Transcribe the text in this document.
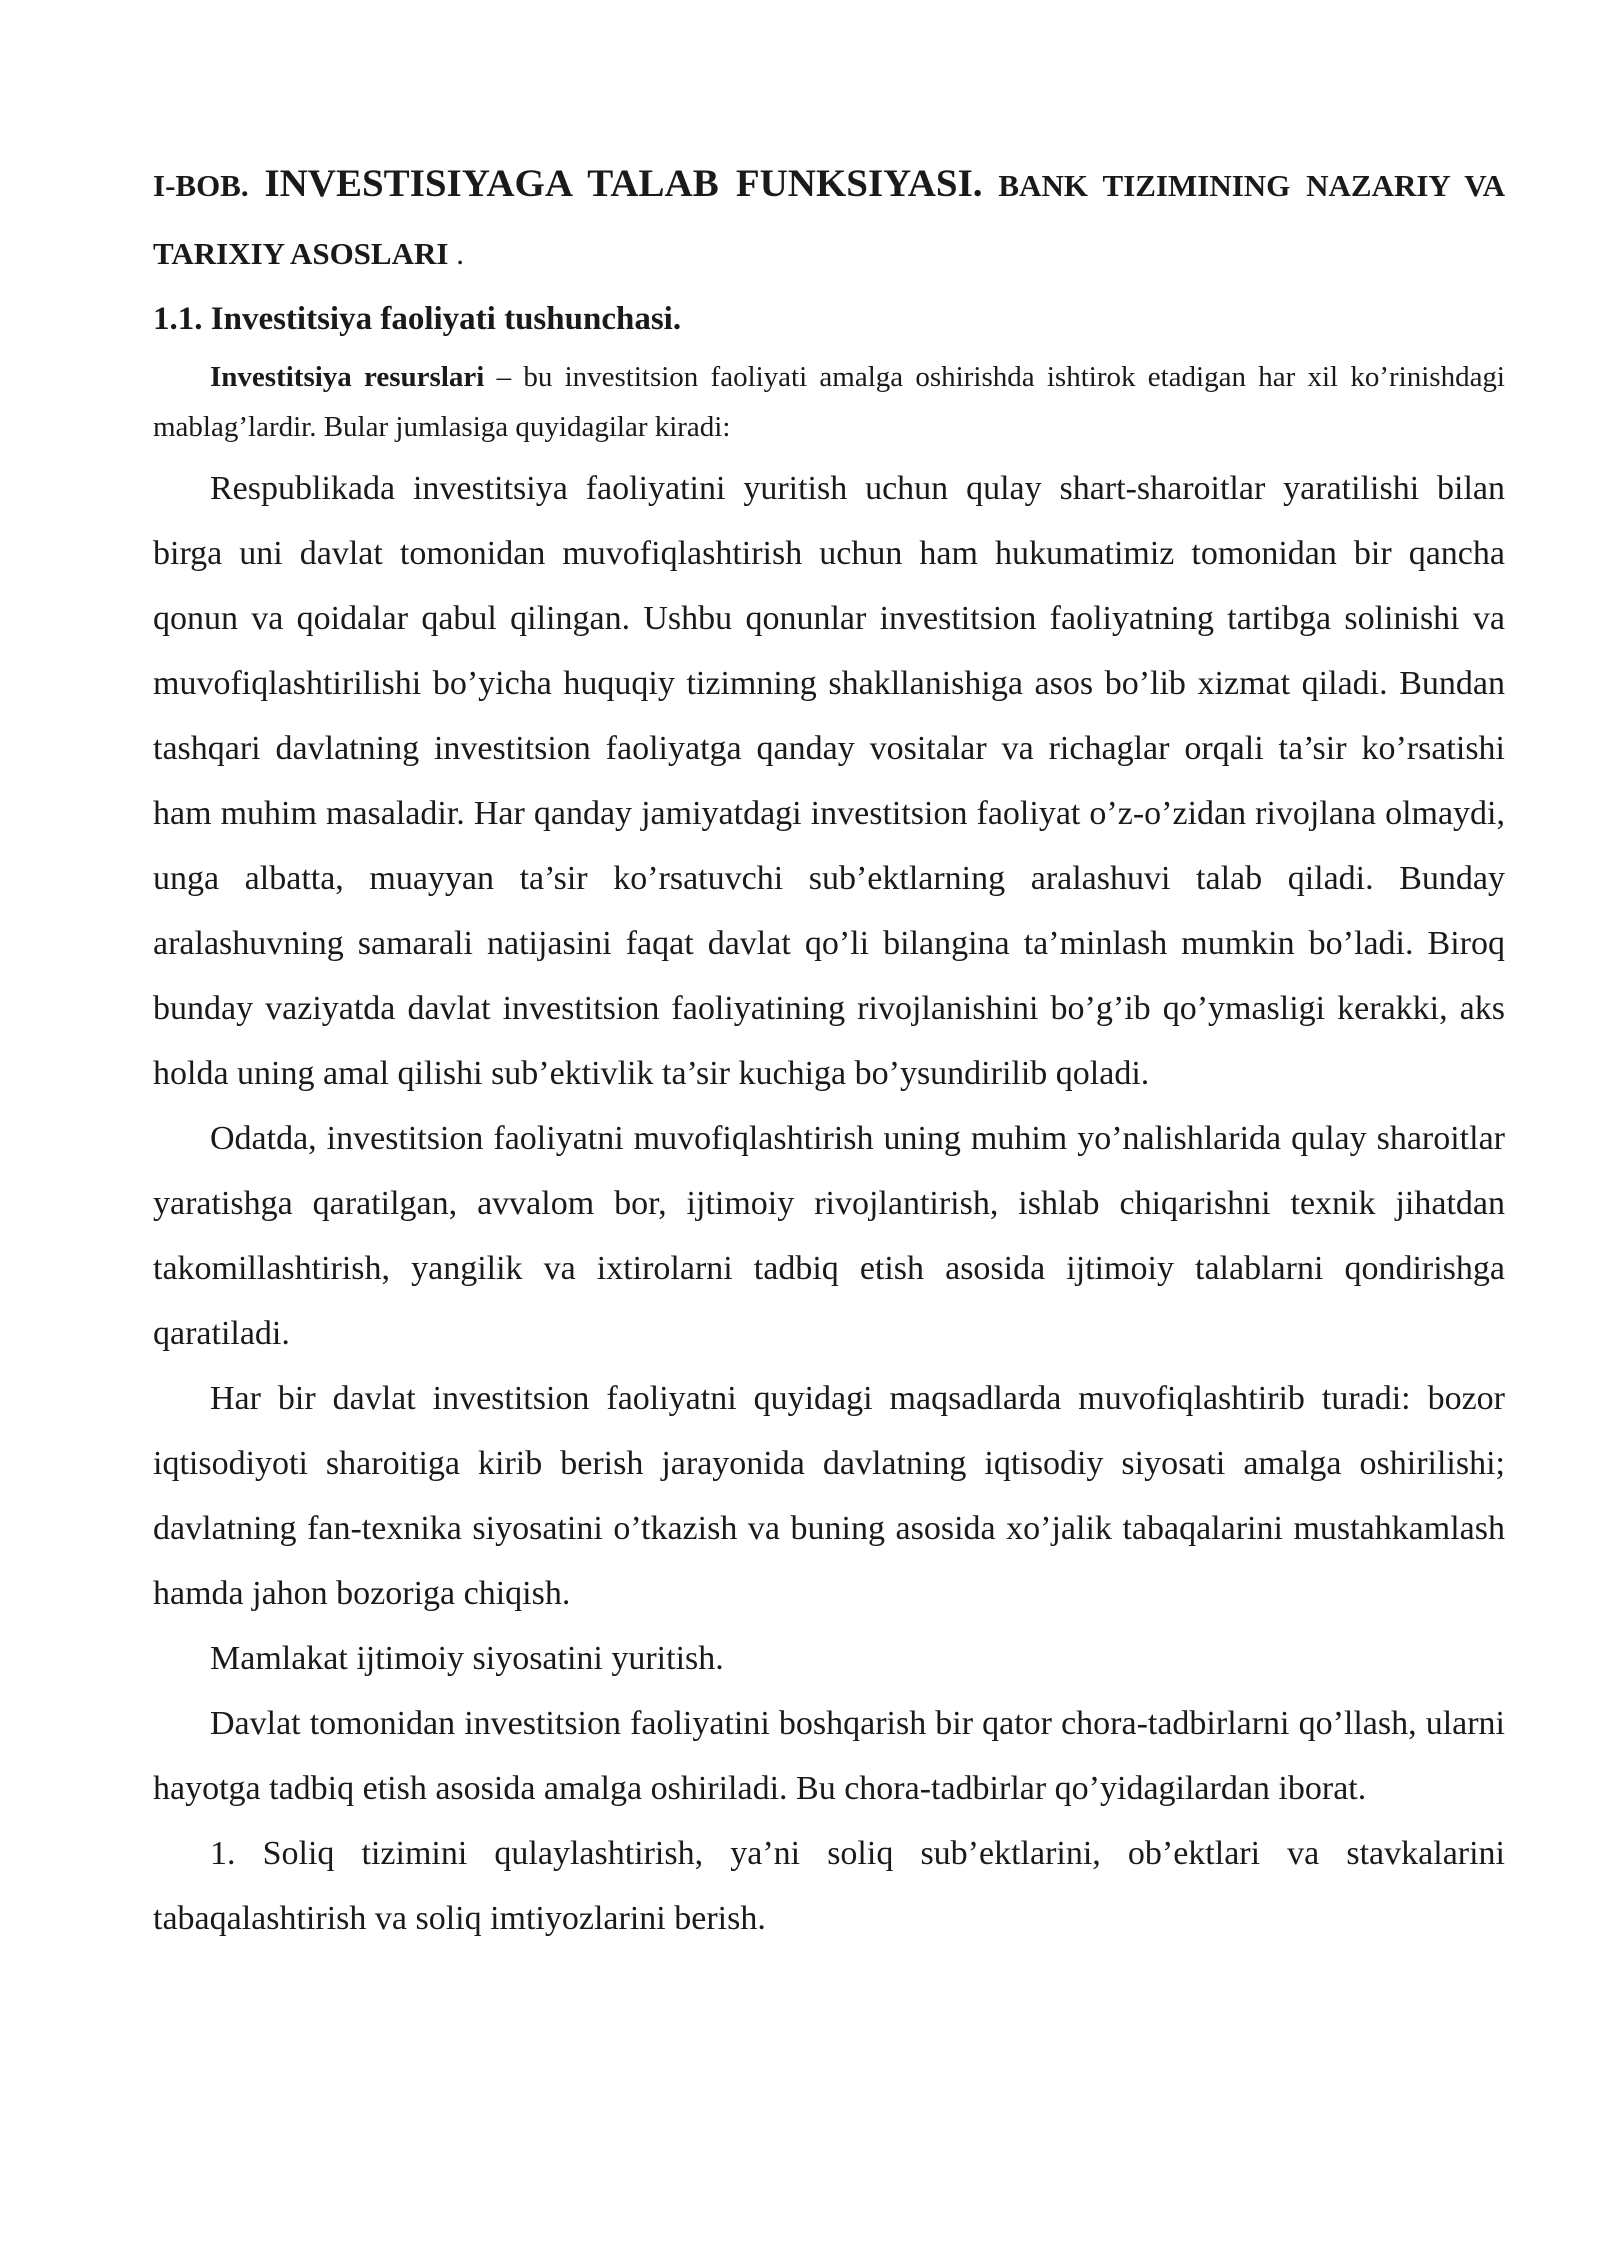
I-BOB. INVESTISIYAGA TALAB FUNKSIYASI. BANK TIZIMINING NAZARIY VA TARIXIY ASOSLARI .
1.1. Investitsiya faoliyati tushunchasi.

Investitsiya resurslari – bu investitsion faoliyati amalga oshirishda ishtirok etadigan har xil ko’rinishdagi mablag’lardir. Bular jumlasiga quyidagilar kiradi:

Respublikada investitsiya faoliyatini yuritish uchun qulay shart-sharoitlar yaratilishi bilan birga uni davlat tomonidan muvofiqlashtirish uchun ham hukumatimiz tomonidan bir qancha qonun va qoidalar qabul qilingan. Ushbu qonunlar investitsion faoliyatning tartibga solinishi va muvofiqlashtirilishi bo’yicha huquqiy tizimning shakllanishiga asos bo’lib xizmat qiladi. Bundan tashqari davlatning investitsion faoliyatga qanday vositalar va richaglar orqali ta’sir ko’rsatishi ham muhim masaladir. Har qanday jamiyatdagi investitsion faoliyat o’z-o’zidan rivojlana olmaydi, unga albatta, muayyan ta’sir ko’rsatuvchi sub’ektlarning aralashuvi talab qiladi. Bunday aralashuvning samarali natijasini faqat davlat qo’li bilangina ta’minlash mumkin bo’ladi. Biroq bunday vaziyatda davlat investitsion faoliyatining rivojlanishini bo’g’ib qo’ymasligi kerakki, aks holda uning amal qilishi sub’ektivlik ta’sir kuchiga bo’ysundirilib qoladi.

Odatda, investitsion faoliyatni muvofiqlashtirish uning muhim yo’nalishlarida qulay sharoitlar yaratishga qaratilgan, avvalom bor, ijtimoiy rivojlantirish, ishlab chiqarishni texnik jihatdan takomillashtirish, yangilik va ixtirolarni tadbiq etish asosida ijtimoiy talablarni qondirishga qaratiladi.

Har bir davlat investitsion faoliyatni quyidagi maqsadlarda muvofiqlashtirib turadi: bozor iqtisodiyoti sharoitiga kirib berish jarayonida davlatning iqtisodiy siyosati amalga oshirilishi; davlatning fan-texnika siyosatini o’tkazish va buning asosida xo’jalik tabaqalarini mustahkamlash hamda jahon bozoriga chiqish.

Mamlakat ijtimoiy siyosatini yuritish.

Davlat tomonidan investitsion faoliyatini boshqarish bir qator chora-tadbirlarni qo’llash, ularni hayotga tadbiq etish asosida amalga oshiriladi. Bu chora-tadbirlar qo’yidagilardan iborat.

1. Soliq tizimini qulaylashtirish, ya’ni soliq sub’ektlarini, ob’ektlari va stavkalarini tabaqalashtirish va soliq imtiyozlarini berish.
